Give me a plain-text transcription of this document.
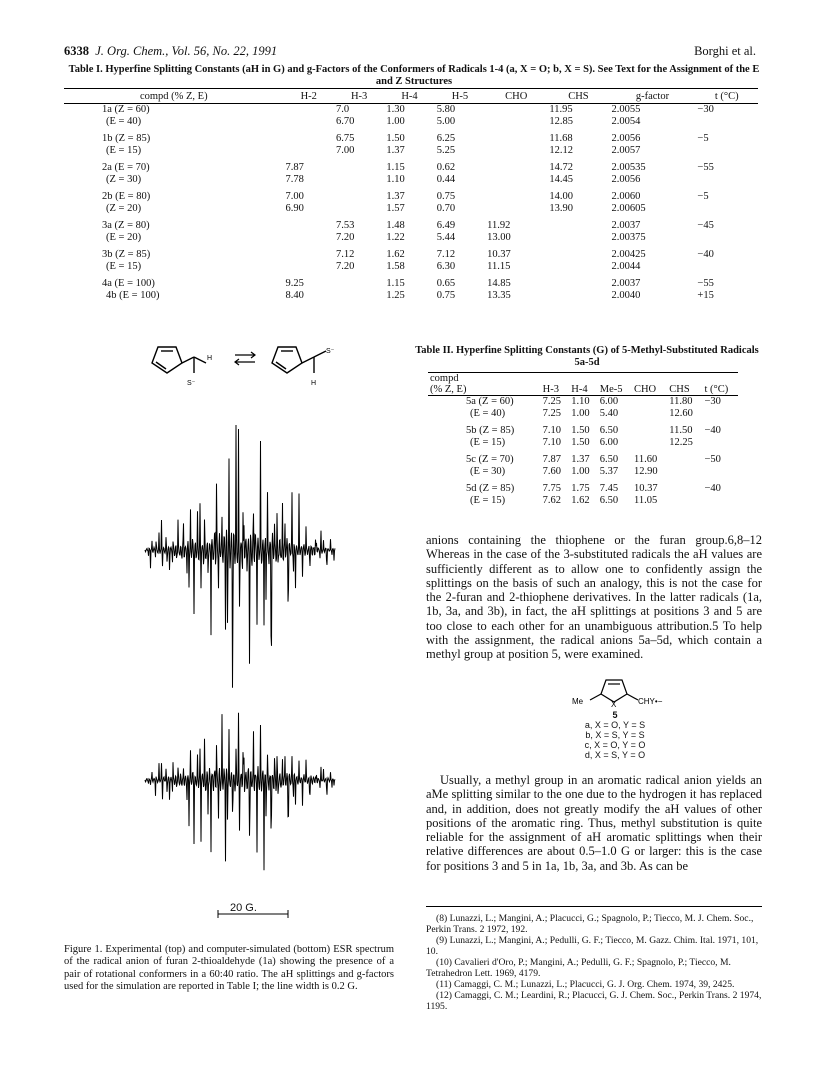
6338 J. Org. Chem., Vol. 56, No. 22, 1991	Borghi et al.
Table I. Hyperfine Splitting Constants (aH in G) and g-Factors of the Conformers of Radicals 1-4 (a, X = O; b, X = S). See Text for the Assignment of the E and Z Structures
compd (% Z, E)	H-2	H-3	H-4	H-5	CHO	CHS	g-factor	t (°C)
1a (Z = 60)		7.0	1.30	5.80		11.95	2.0055	−30
(E = 40)		6.70	1.00	5.00		12.85	2.0054	
1b (Z = 85)		6.75	1.50	6.25		11.68	2.0056	−5
(E = 15)		7.00	1.37	5.25		12.12	2.0057	
2a (E = 70)	7.87		1.15	0.62		14.72	2.00535	−55
(Z = 30)	7.78		1.10	0.44		14.45	2.0056	
2b (E = 80)	7.00		1.37	0.75		14.00	2.0060	−5
(Z = 20)	6.90		1.57	0.70		13.90	2.00605	
3a (Z = 80)		7.53	1.48	6.49	11.92		2.0037	−45
(E = 20)		7.20	1.22	5.44	13.00		2.00375	
3b (Z = 85)		7.12	1.62	7.12	10.37		2.00425	−40
(E = 15)		7.20	1.58	6.30	11.15		2.0044	
4a (E = 100)	9.25		1.15	0.65	14.85		2.0037	−55
4b (E = 100)	8.40		1.25	0.75	13.35		2.0040	+15
H
S⁻
S⁻
H
20 G.
Figure 1. Experimental (top) and computer-simulated (bottom) ESR spectrum of the radical anion of furan 2-thioaldehyde (1a) showing the presence of a pair of rotational conformers in a 60:40 ratio. The aH splittings and g-factors used for the simulation are reported in Table I; the line width is 0.2 G.
Table II. Hyperfine Splitting Constants (G) of 5-Methyl-Substituted Radicals 5a-5d
compd						
(% Z, E)	H-3	H-4	Me-5	CHO	CHS	t (°C)
5a (Z = 60)	7.25	1.10	6.00		11.80	−30
(E = 40)	7.25	1.00	5.40		12.60	
5b (Z = 85)	7.10	1.50	6.50		11.50	−40
(E = 15)	7.10	1.50	6.00		12.25	
5c (Z = 70)	7.87	1.37	6.50	11.60		−50
(E = 30)	7.60	1.00	5.37	12.90		
5d (Z = 85)	7.75	1.75	7.45	10.37		−40
(E = 15)	7.62	1.62	6.50	11.05		
anions containing the thiophene or the furan group.6,8–12 Whereas in the case of the 3-substituted radicals the aH values are sufficiently different as to allow one to confidently assign the splittings on the basis of such an analogy, this is not the case for the 2-furan and 2-thiophene derivatives. In the latter radicals (1a, 1b, 3a, and 3b), in fact, the aH splittings at positions 3 and 5 are too close to each other for an unambiguous attribution.5 To help with the assignment, the radical anions 5a–5d, which contain a methyl group at position 5, were examined.
Me	X	CHY•−
5
a, X = O, Y = S
b, X = S, Y = S
c, X = O, Y = O
d, X = S, Y = O
Usually, a methyl group in an aromatic radical anion yields an aMe splitting similar to the one due to the hydrogen it has replaced and, in addition, does not greatly modify the aH values of other positions of the aromatic ring. Thus, methyl substitution is quite reliable for the assignment of aH aromatic splittings when their relative differences are about 0.5–1.0 G or larger: this is the case for positions 3 and 5 in 1a, 1b, 3a, and 3b. As can be

(8) Lunazzi, L.; Mangini, A.; Placucci, G.; Spagnolo, P.; Tiecco, M. J. Chem. Soc., Perkin Trans. 2 1972, 192.

(9) Lunazzi, L.; Mangini, A.; Pedulli, G. F.; Tiecco, M. Gazz. Chim. Ital. 1971, 101, 10.

(10) Cavalieri d'Oro, P.; Mangini, A.; Pedulli, G. F.; Spagnolo, P.; Tiecco, M. Tetrahedron Lett. 1969, 4179.

(11) Camaggi, C. M.; Lunazzi, L.; Placucci, G. J. Org. Chem. 1974, 39, 2425.

(12) Camaggi, C. M.; Leardini, R.; Placucci, G. J. Chem. Soc., Perkin Trans. 2 1974, 1195.
